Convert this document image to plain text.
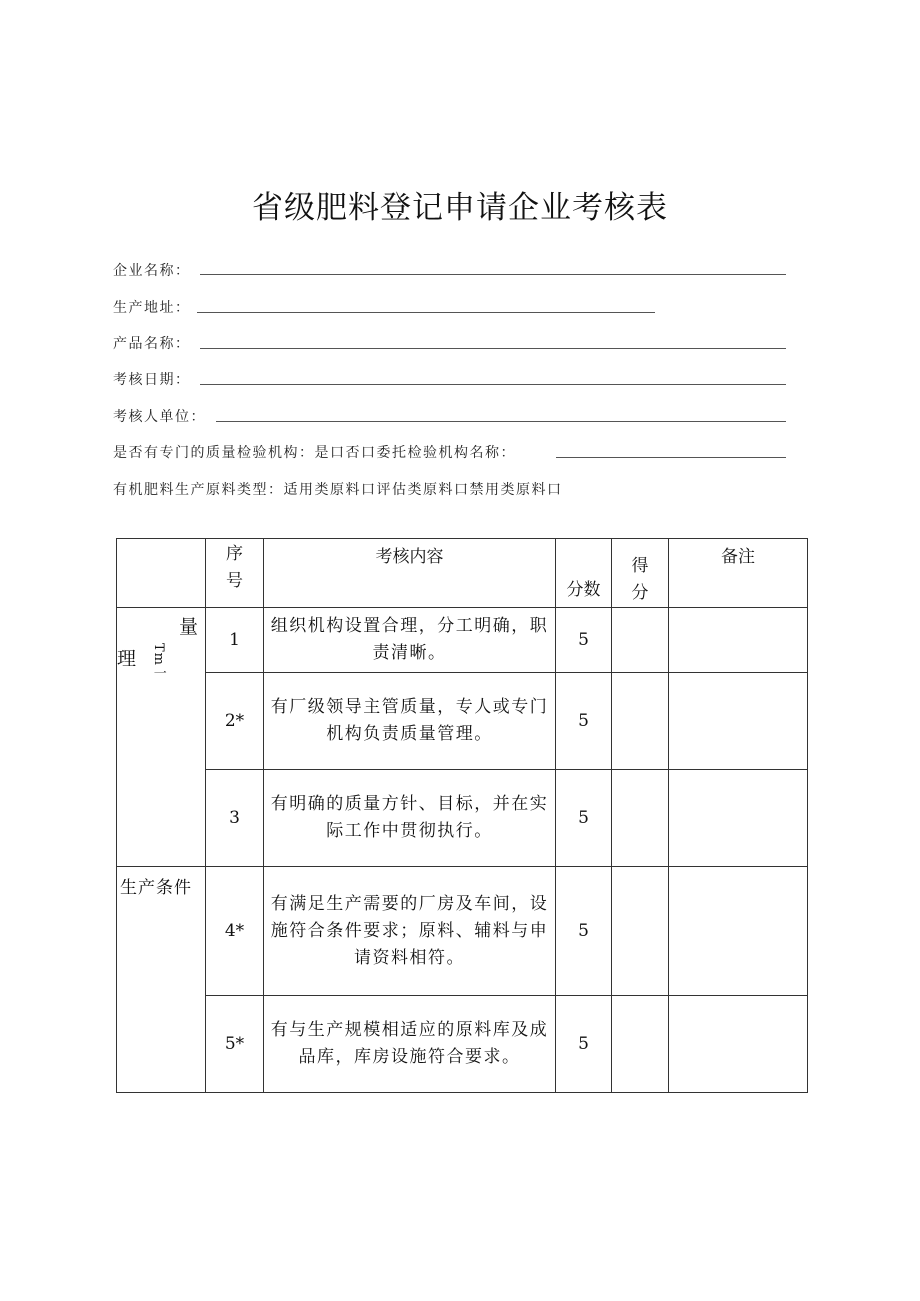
省级肥料登记申请企业考核表
企业名称：
生产地址：
产品名称：
考核日期：
考核人单位：
是否有专门的质量检验机构：是口否口委托检验机构名称：
有机肥料生产原料类型：适用类原料口评估类原料口禁用类原料口
	序号	考核内容	分数	得分	备注

量
理 Tm一	1	组织机构设置合理，分工明确，职责清晰。	5		
	2*	有厂级领导主管质量，专人或专门机构负责质量管理。	5		
	3	有明确的质量方针、目标，并在实际工作中贯彻执行。	5		

生产条件	4*	有满足生产需要的厂房及车间，设施符合条件要求；原料、辅料与申请资料相符。	5		
	5*	有与生产规模相适应的原料库及成品库，库房设施符合要求。	5		
